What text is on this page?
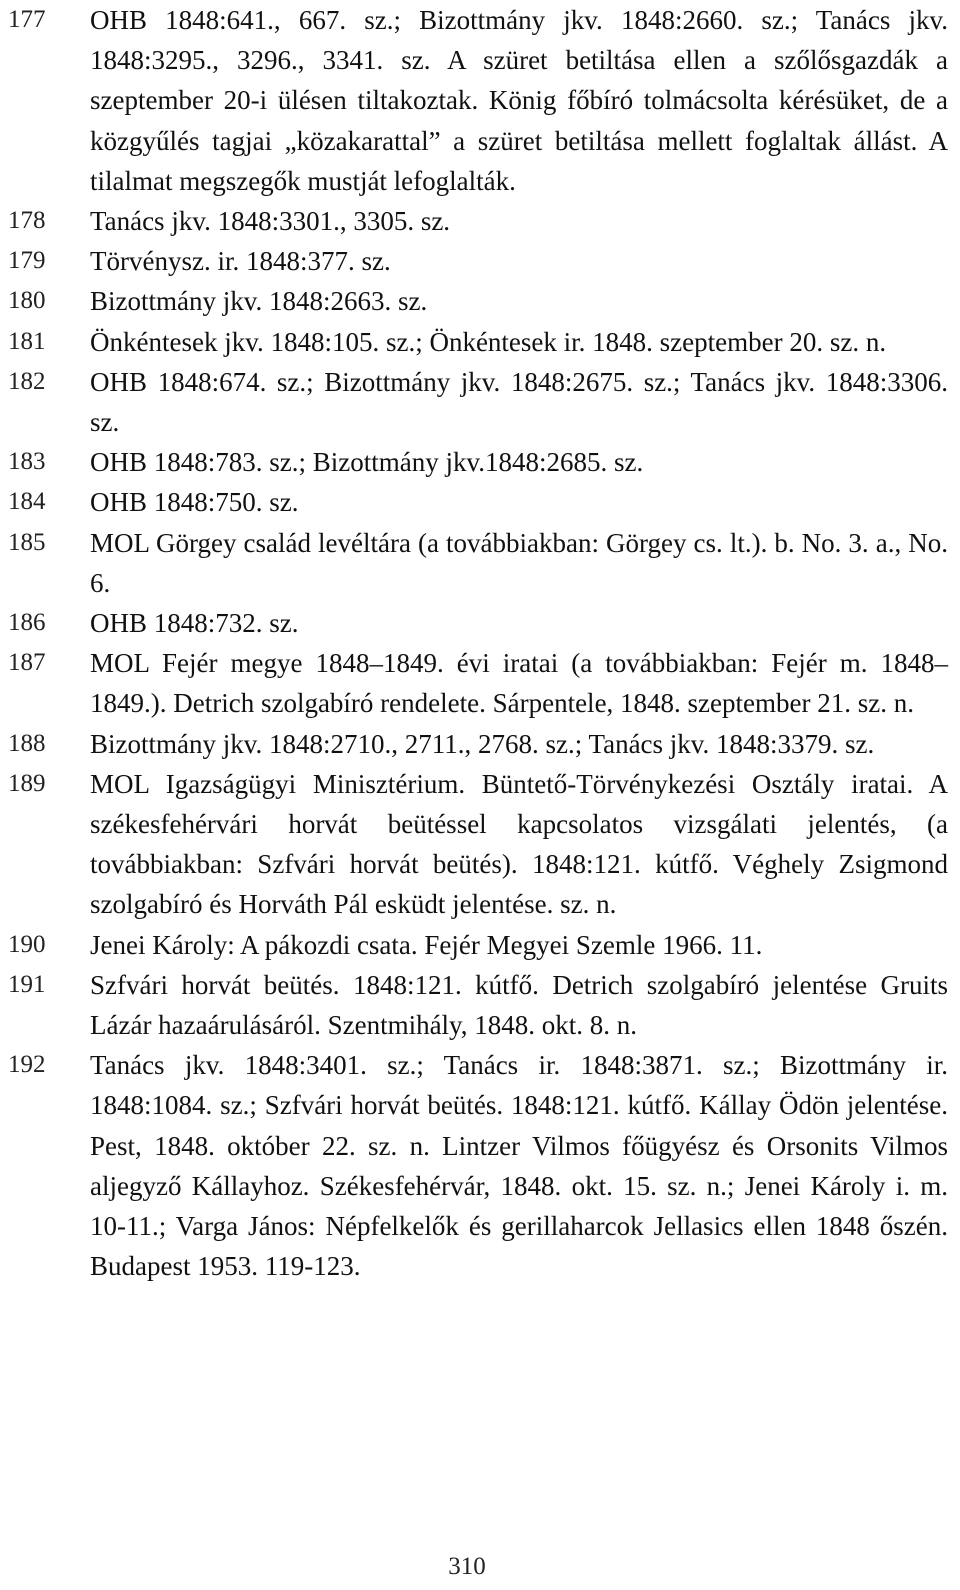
177	OHB 1848:641., 667. sz.; Bizottmány jkv. 1848:2660. sz.; Tanács jkv. 1848:3295., 3296., 3341. sz. A szüret betiltása ellen a szőlősgazdák a szeptember 20-i ülésen tiltakoztak. König főbíró tolmácsolta kérésüket, de a közgyűlés tagjai „közakarattal” a szüret betiltása mellett foglaltak állást. A tilalmat megszegők mustját lefoglalták.
178	Tanács jkv. 1848:3301., 3305. sz.
179	Törvénysz. ir. 1848:377. sz.
180	Bizottmány jkv. 1848:2663. sz.
181	Önkéntesek jkv. 1848:105. sz.; Önkéntesek ir. 1848. szeptember 20. sz. n.
182	OHB 1848:674. sz.; Bizottmány jkv. 1848:2675. sz.; Tanács jkv. 1848:3306. sz.
183	OHB 1848:783. sz.; Bizottmány jkv.1848:2685. sz.
184	OHB 1848:750. sz.
185	MOL Görgey család levéltára (a továbbiakban: Görgey cs. lt.). b. No. 3. a., No. 6.
186	OHB 1848:732. sz.
187	MOL Fejér megye 1848–1849. évi iratai (a továbbiakban: Fejér m. 1848–1849.). Detrich szolgabíró rendelete. Sárpentele, 1848. szeptember 21. sz. n.
188	Bizottmány jkv. 1848:2710., 2711., 2768. sz.; Tanács jkv. 1848:3379. sz.
189	MOL Igazságügyi Minisztérium. Büntető-Törvénykezési Osztály iratai. A székesfehérvári horvát beütéssel kapcsolatos vizsgálati jelentés, (a továbbiakban: Szfvári horvát beütés). 1848:121. kútfő. Véghely Zsigmond szolgabíró és Horváth Pál esküdt jelentése. sz. n.
190	Jenei Károly: A pákozdi csata. Fejér Megyei Szemle 1966. 11.
191	Szfvári horvát beütés. 1848:121. kútfő. Detrich szolgabíró jelentése Gruits Lázár hazaárulásáról. Szentmihály, 1848. okt. 8. n.
192	Tanács jkv. 1848:3401. sz.; Tanács ir. 1848:3871. sz.; Bizottmány ir. 1848:1084. sz.; Szfvári horvát beütés. 1848:121. kútfő. Kállay Ödön jelentése. Pest, 1848. október 22. sz. n. Lintzer Vilmos főügyész és Orsonits Vilmos aljegyző Kállayhoz. Székesfehérvár, 1848. okt. 15. sz. n.; Jenei Károly i. m. 10-11.; Varga János: Népfelkelők és gerillaharcok Jellasics ellen 1848 őszén. Budapest 1953. 119-123.
310
